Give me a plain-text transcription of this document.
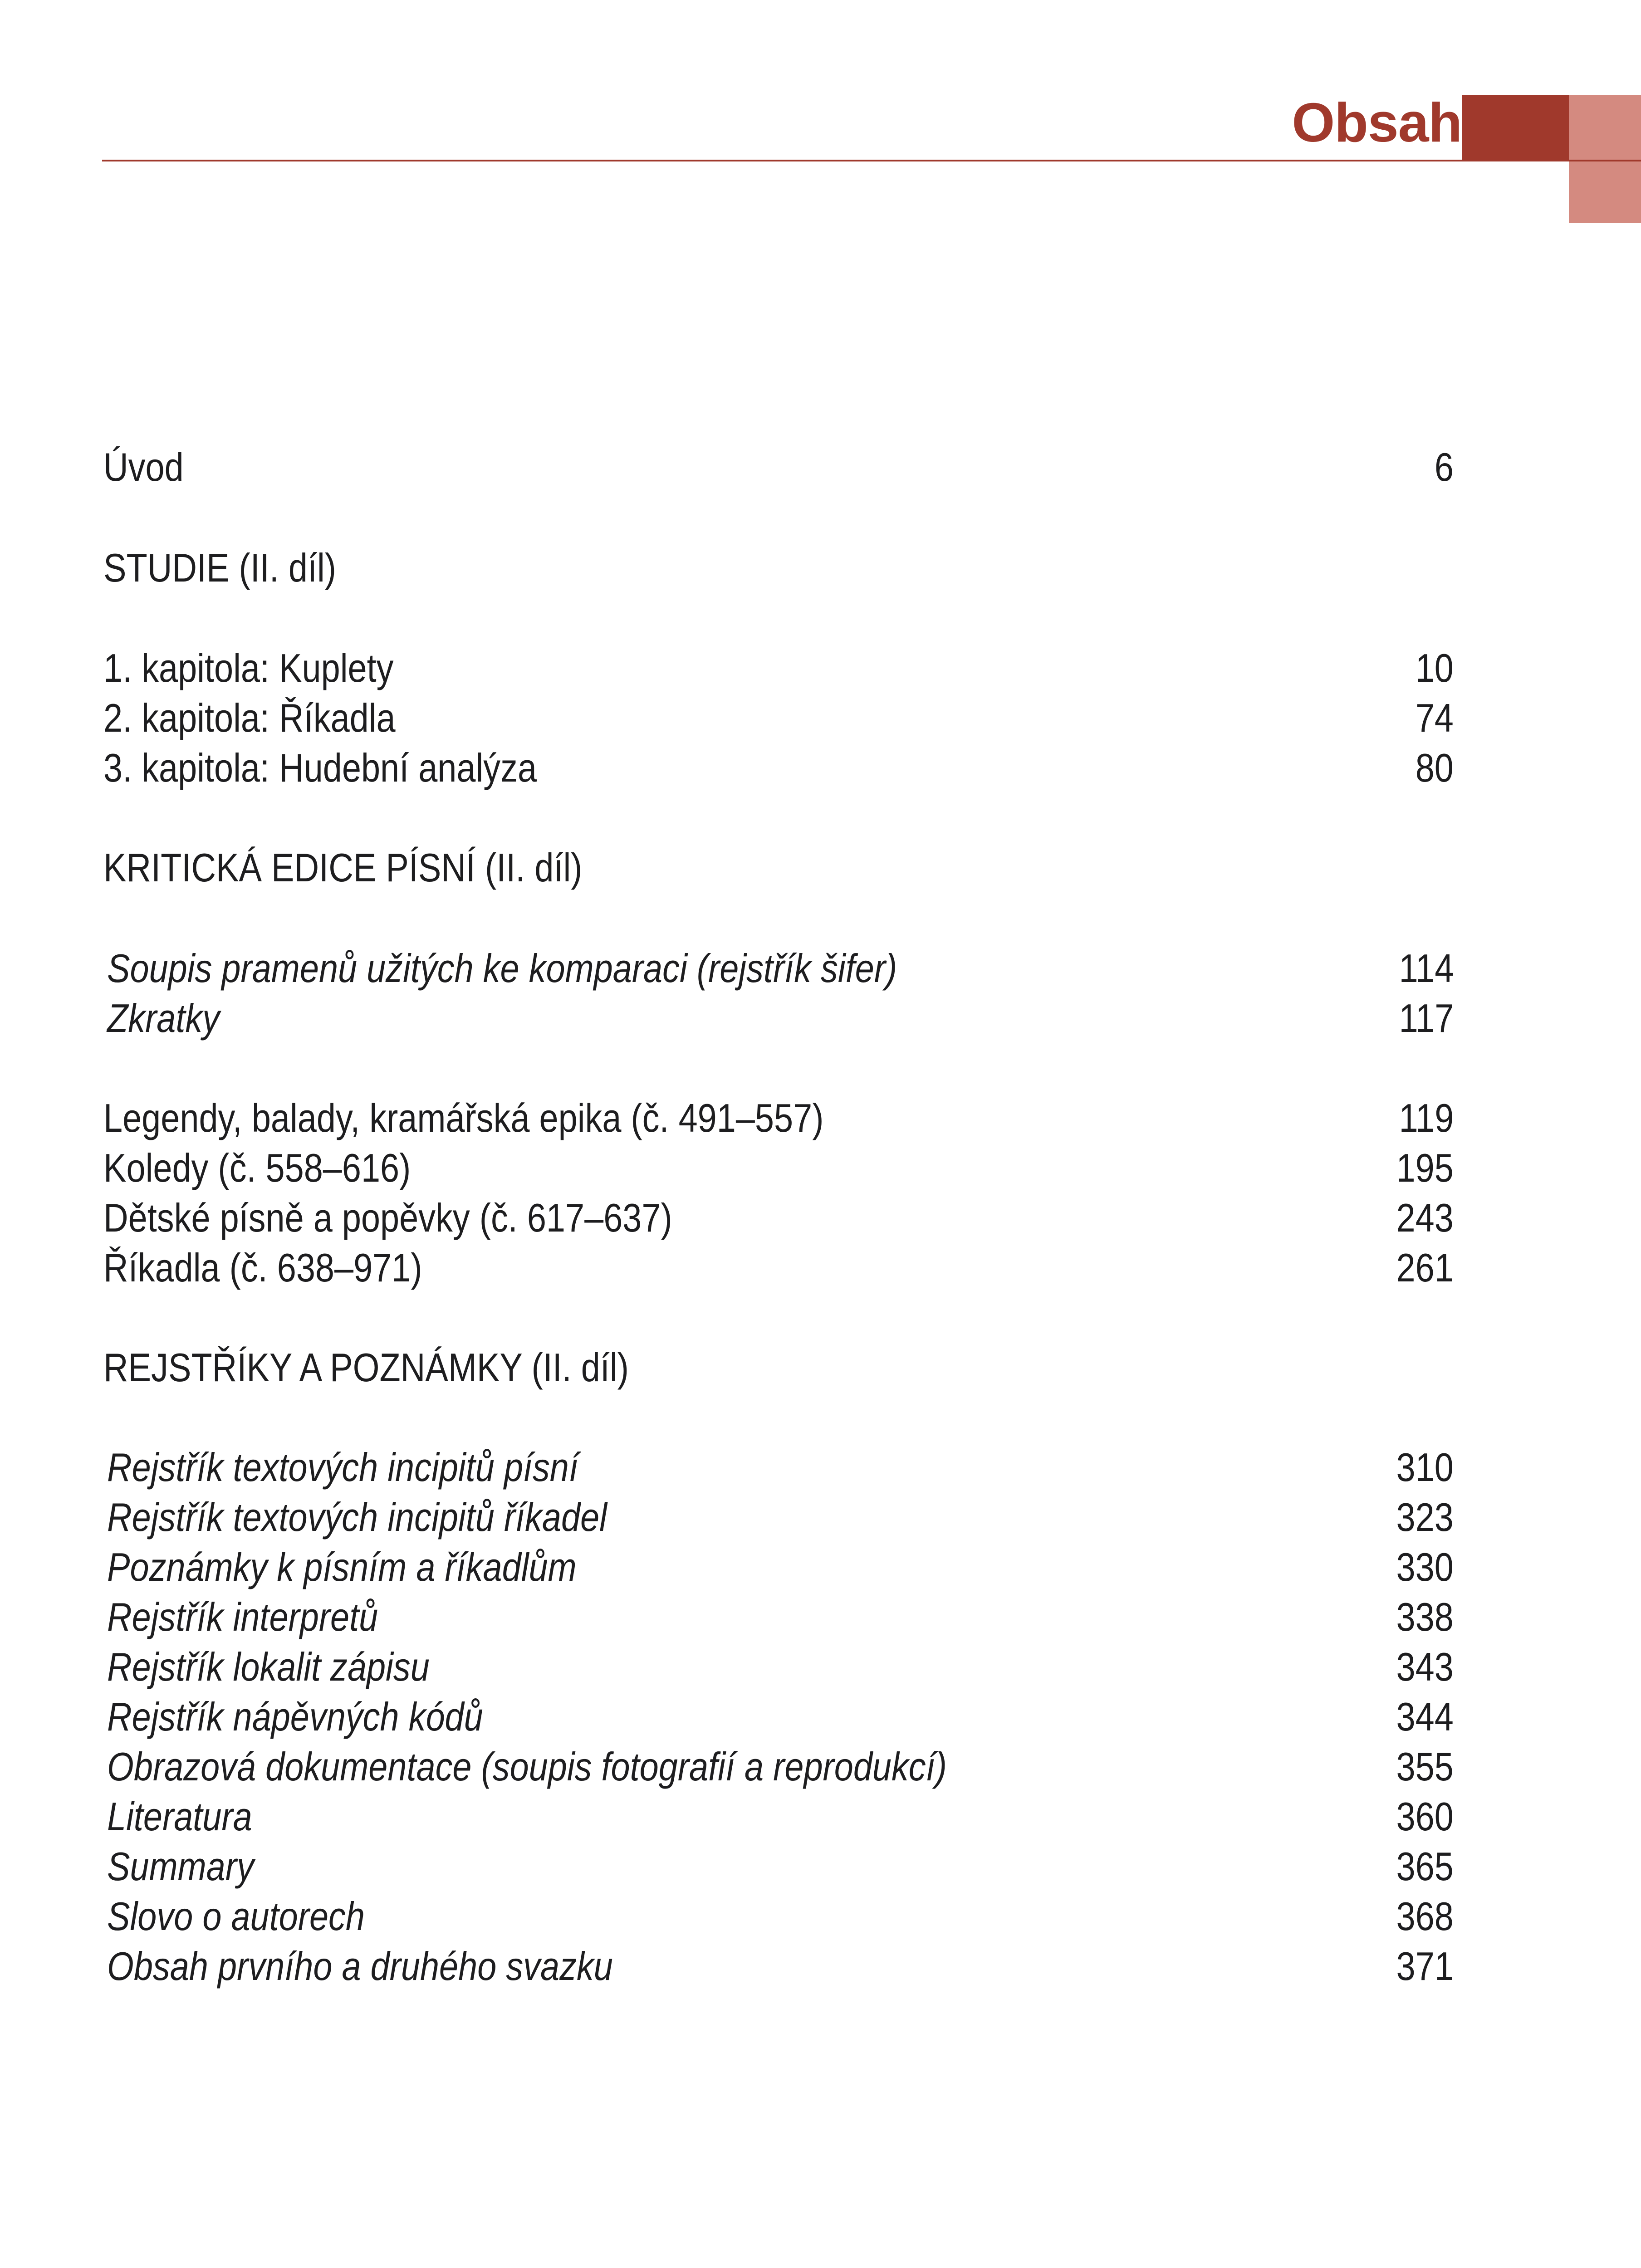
Obsah
Úvod	6
STUDIE (II. díl)
1. kapitola: Kuplety	10
2. kapitola: Říkadla	74
3. kapitola: Hudební analýza	80
KRITICKÁ EDICE PÍSNÍ (II. díl)
Soupis pramenů užitých ke komparaci (rejstřík šifer)	114
Zkratky	117
Legendy, balady, kramářská epika (č. 491–557)	119
Koledy (č. 558–616)	195
Dětské písně a popěvky (č. 617–637)	243
Říkadla (č. 638–971)	261
REJSTŘÍKY A POZNÁMKY (II. díl)
Rejstřík textových incipitů písní	310
Rejstřík textových incipitů říkadel	323
Poznámky k písním a říkadlům	330
Rejstřík interpretů	338
Rejstřík lokalit zápisu	343
Rejstřík nápěvných kódů	344
Obrazová dokumentace (soupis fotografií a reprodukcí)	355
Literatura	360
Summary	365
Slovo o autorech	368
Obsah prvního a druhého svazku	371
